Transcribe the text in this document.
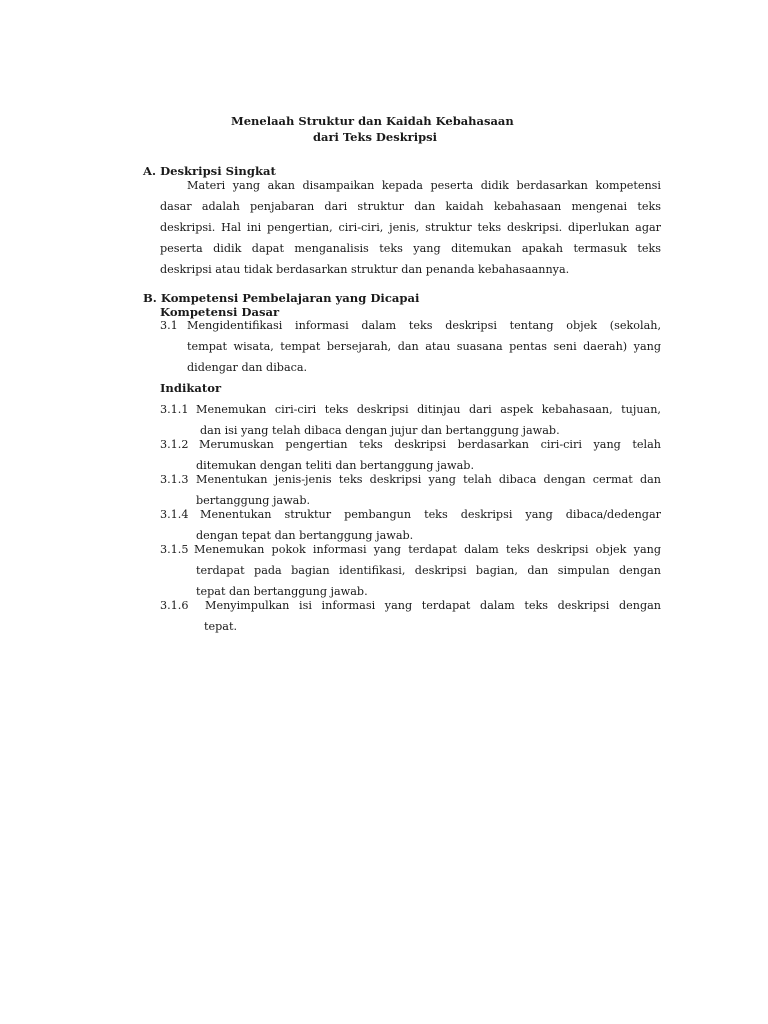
Menelaah Struktur dan Kaidah Kebahasaan
dari Teks Deskripsi
A. Deskripsi Singkat
Materi yang akan disampaikan kepada peserta didik berdasarkan kompetensi
dasar adalah penjabaran dari struktur dan kaidah kebahasaan mengenai teks
deskripsi. Hal ini pengertian, ciri-ciri, jenis, struktur teks deskripsi. diperlukan agar
peserta didik dapat menganalisis teks yang ditemukan apakah termasuk teks
deskripsi atau tidak berdasarkan struktur dan penanda kebahasaannya.
B. Kompetensi Pembelajaran yang Dicapai
Kompetensi Dasar
3.1 Mengidentifikasi informasi dalam teks deskripsi tentang objek (sekolah,
tempat wisata, tempat bersejarah, dan atau suasana pentas seni daerah) yang
didengar dan dibaca.
Indikator
3.1.1 Menemukan ciri-ciri teks deskripsi ditinjau dari aspek kebahasaan, tujuan,
dan isi yang telah dibaca dengan jujur dan bertanggung jawab.
3.1.2 Merumuskan pengertian teks deskripsi berdasarkan ciri-ciri yang telah
ditemukan dengan teliti dan bertanggung jawab.
3.1.3 Menentukan jenis-jenis teks deskripsi yang telah dibaca dengan cermat dan
bertanggung jawab.
3.1.4 Menentukan struktur pembangun teks deskripsi yang dibaca/dedengar
dengan tepat dan bertanggung jawab.
3.1.5 Menemukan pokok informasi yang terdapat dalam teks deskripsi objek yang
terdapat pada bagian identifikasi, deskripsi bagian, dan simpulan dengan
tepat dan bertanggung jawab.
3.1.6 Menyimpulkan isi informasi yang terdapat dalam teks deskripsi dengan
tepat.
